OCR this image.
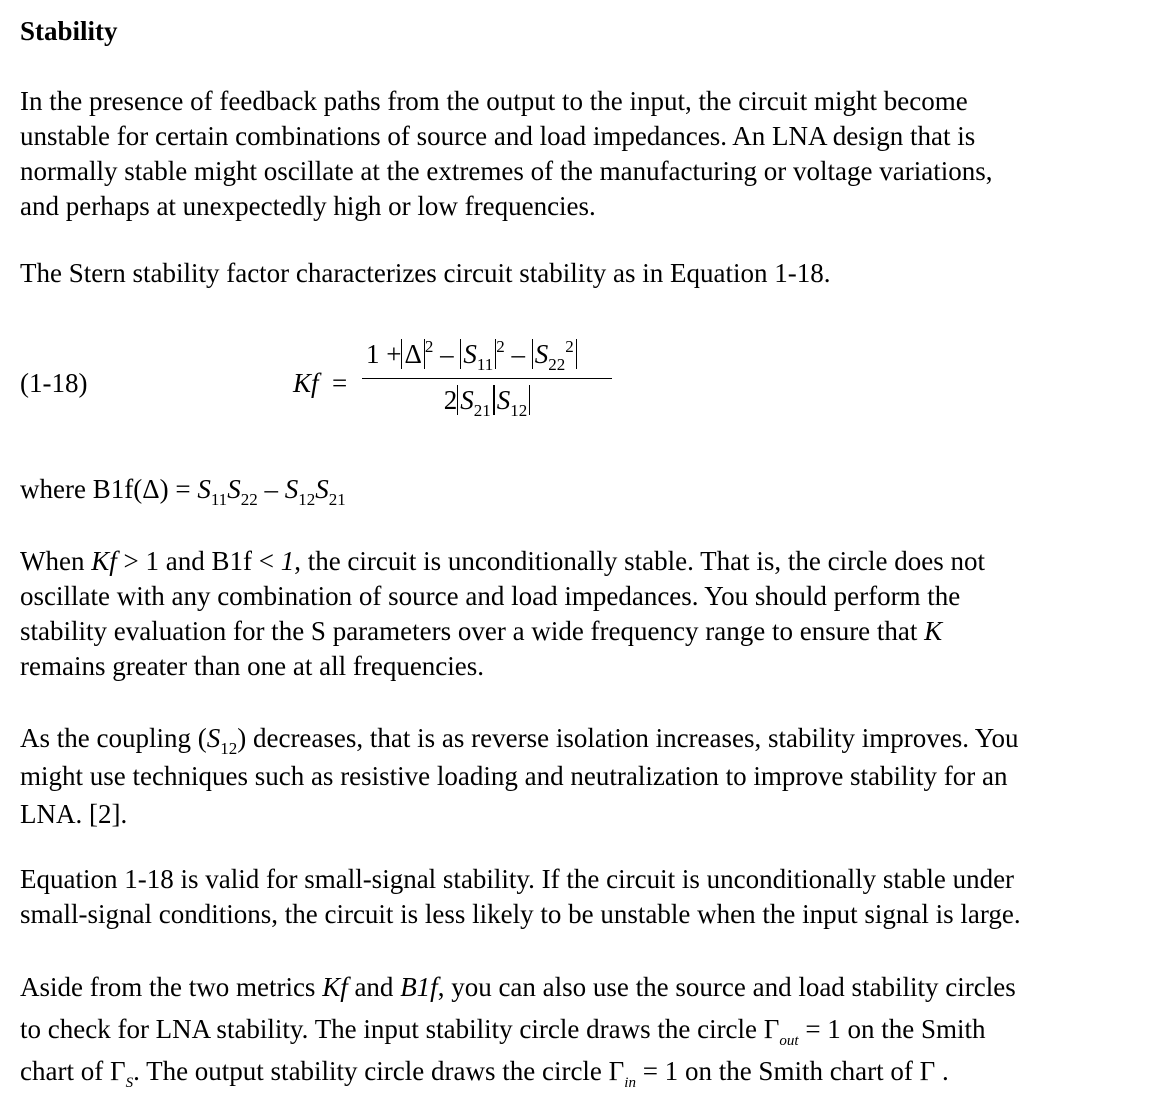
Stability

In the presence of feedback paths from the output to the input, the circuit might become
unstable for certain combinations of source and load impedances. An LNA design that is
normally stable might oscillate at the extremes of the manufacturing or voltage variations,
and perhaps at unexpectedly high or low frequencies.

The Stern stability factor characterizes circuit stability as in Equation 1-18.

(1-18)	Kf =
1 + Δ $^2 - S_{11}^2 - S_{22}^2$
2 $S_{21}$ $S_{12}$

where $B1f(\Delta) = S_{11}S_{22} - S_{12}S_{21}$

When Kf > 1 and B1f < 1, the circuit is unconditionally stable. That is, the circle does not
oscillate with any combination of source and load impedances. You should perform the
stability evaluation for the S parameters over a wide frequency range to ensure that K
remains greater than one at all frequencies.

As the coupling $(S_{12})$ decreases, that is as reverse isolation increases, stability improves. You
might use techniques such as resistive loading and neutralization to improve stability for an
LNA. [2].

Equation 1-18 is valid for small-signal stability. If the circuit is unconditionally stable under
small-signal conditions, the circuit is less likely to be unstable when the input signal is large.

Aside from the two metrics Kf and B1f, you can also use the source and load stability circles
to check for LNA stability. The input stability circle draws the circle $\Gamma_{out} = 1$ on the Smith
chart of $\Gamma_S$. The output stability circle draws the circle $\Gamma_{in} = 1$ on the Smith chart of Γ .
